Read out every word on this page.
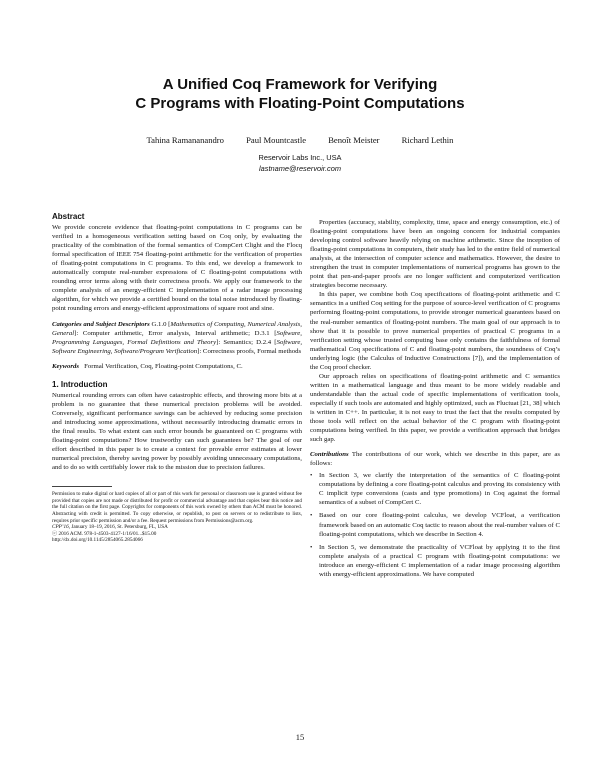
A Unified Coq Framework for Verifying
C Programs with Floating-Point Computations
Tahina Ramananandro	Paul Mountcastle	Benoît Meister	Richard Lethin
Reservoir Labs Inc., USA
lastname@reservoir.com
Abstract

We provide concrete evidence that floating-point computations in C programs can be verified in a homogeneous verification setting based on Coq only, by evaluating the practicality of the combination of the formal semantics of CompCert Clight and the Flocq formal specification of IEEE 754 floating-point arithmetic for the verification of properties of floating-point computations in C programs. To this end, we develop a framework to automatically compute real-number expressions of C floating-point computations with rounding error terms along with their correctness proofs. We apply our framework to the complete analysis of an energy-efficient C implementation of a radar image processing algorithm, for which we provide a certified bound on the total noise introduced by floating-point rounding errors and energy-efficient approximations of square root and sine.

Categories and Subject Descriptors G.1.0 [Mathematics of Computing, Numerical Analysis, General]: Computer arithmetic, Error analysis, Interval arithmetic; D.3.1 [Software, Programming Languages, Formal Definitions and Theory]: Semantics; D.2.4 [Software, Software Engineering, Software/Program Verification]: Correctness proofs, Formal methods

Keywords Formal Verification, Coq, Floating-point Computations, C.

1. Introduction

Numerical rounding errors can often have catastrophic effects, and throwing more bits at a problem is no guarantee that these numerical precision problems will be avoided. Conversely, significant performance savings can be achieved by reducing some precision and introducing some approximations, without necessarily introducing dramatic errors in the final results. To what extent can such error bounds be guaranteed on C programs with floating-point computations? How trustworthy can such guarantees be? The goal of our effort described in this paper is to create a context for provable error estimates at lower numerical precision, thereby saving power by possibly avoiding unnecessary computations, and to do so with certifiably lower risk to the mission due to precision failures.

Permission to make digital or hard copies of all or part of this work for personal or classroom use is granted without fee provided that copies are not made or distributed for profit or commercial advantage and that copies bear this notice and the full citation on the first page. Copyrights for components of this work owned by others than ACM must be honored. Abstracting with credit is permitted. To copy otherwise, or republish, to post on servers or to redistribute to lists, requires prior specific permission and/or a fee. Request permissions from Permissions@acm.org.

CPP’16, January 18–19, 2016, St. Petersburg, FL, USA

ⓒ 2016 ACM. 978-1-4503-4127-1/16/01...$15.00

http://dx.doi.org/10.1145/2854065.2854066

Properties (accuracy, stability, complexity, time, space and energy consumption, etc.) of floating-point computations have been an ongoing concern for industrial companies developing control software heavily relying on machine arithmetic. Since the inception of floating-point computations in computers, their study has led to the entire field of numerical analysis, at the intersection of computer science and mathematics. However, the desire to strengthen the trust in computer implementations of numerical programs has grown to the point that pen-and-paper proofs are no longer sufficient and computerized verification strategies become necessary.

In this paper, we combine both Coq specifications of floating-point arithmetic and C semantics in a unified Coq setting for the purpose of source-level verification of C programs performing floating-point computations, to provide stronger numerical guarantees based on the real-number semantics of floating-point numbers. The main goal of our approach is to show that it is possible to prove numerical properties of practical C programs in a verification setting whose trusted computing base only contains the faithfulness of formal mathematical Coq specifications of C and floating-point numbers, the soundness of Coq’s underlying logic (the Calculus of Inductive Constructions [7]), and the implementation of the Coq proof checker.

Our approach relies on specifications of floating-point arithmetic and C semantics written in a mathematical language and thus meant to be more widely readable and understandable than the actual code of specific implementations of verification tools, especially if such tools are automated and highly optimized, such as Fluctuat [21, 38] which is written in C++. In particular, it is not easy to trust the fact that the results computed by those tools will reflect on the actual behavior of the C program with floating-point computations being verified. In this paper, we provide a verification approach that bridges such gap.

Contributions The contributions of our work, which we describe in this paper, are as follows:

• In Section 3, we clarify the interpretation of the semantics of C floating-point computations by defining a core floating-point calculus and proving its consistency with C implicit type conversions (casts and type promotions) in Coq against the formal semantics of a subset of CompCert C.
• Based on our core floating-point calculus, we develop VCFloat, a verification framework based on an automatic Coq tactic to reason about the real-number values of C floating-point computations, which we describe in Section 4.
• In Section 5, we demonstrate the practicality of VCFloat by applying it to the first complete analysis of a practical C program with floating-point computations: we introduce an energy-efficient C implementation of a radar image processing algorithm with energy-efficient approximations. We have computed
15
